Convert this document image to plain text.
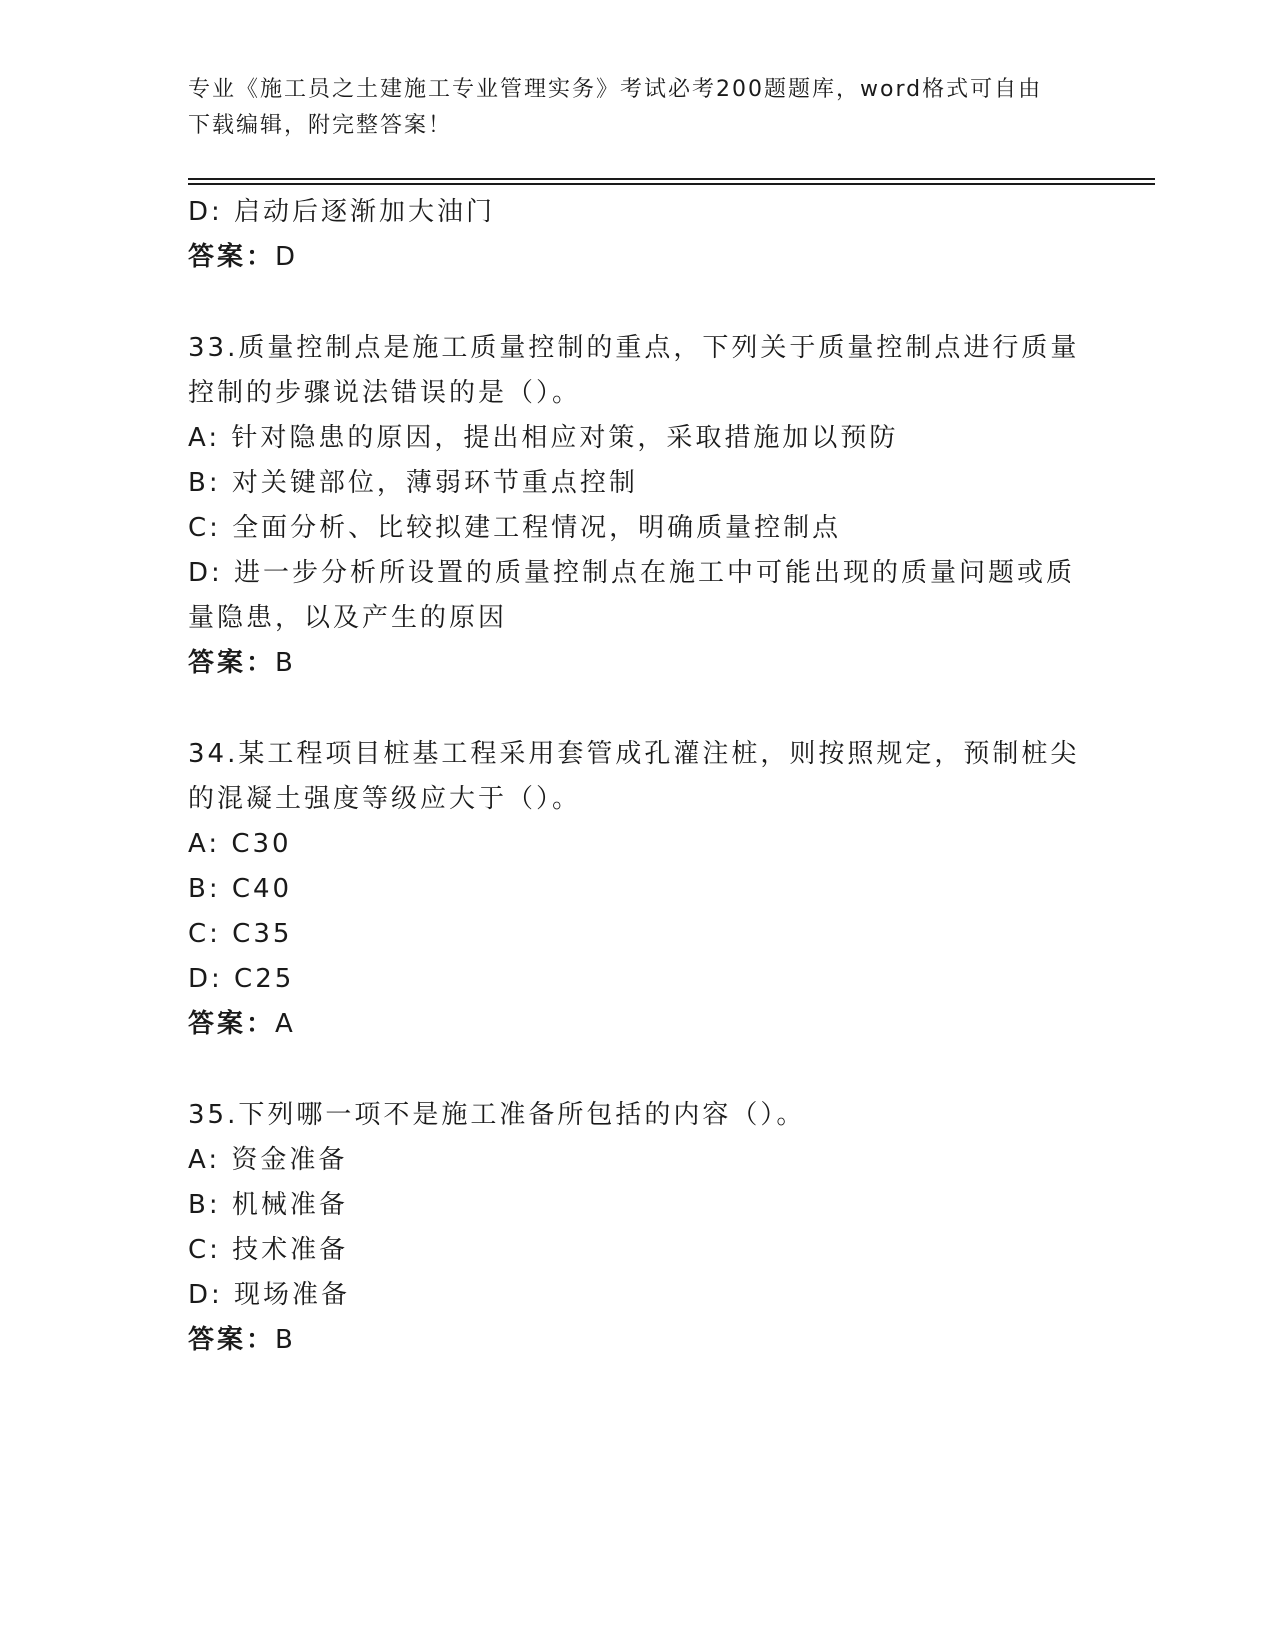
专业《施工员之土建施工专业管理实务》考试必考200题题库，word格式可自由
下载编辑，附完整答案！
D: 启动后逐渐加大油门
答案：D
33.质量控制点是施工质量控制的重点，下列关于质量控制点进行质量
控制的步骤说法错误的是（）。
A: 针对隐患的原因，提出相应对策，采取措施加以预防
B: 对关键部位，薄弱环节重点控制
C: 全面分析、比较拟建工程情况，明确质量控制点
D: 进一步分析所设置的质量控制点在施工中可能出现的质量问题或质
量隐患，以及产生的原因
答案：B
34.某工程项目桩基工程采用套管成孔灌注桩，则按照规定，预制桩尖
的混凝土强度等级应大于（）。
A: C30
B: C40
C: C35
D: C25
答案：A
35.下列哪一项不是施工准备所包括的内容（）。
A: 资金准备
B: 机械准备
C: 技术准备
D: 现场准备
答案：B
